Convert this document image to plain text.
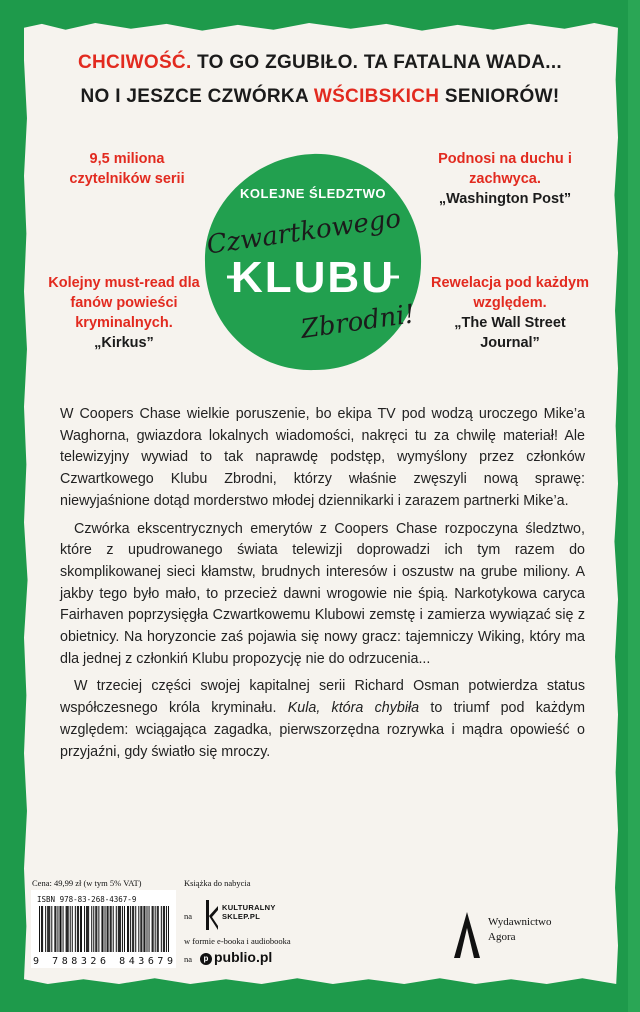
CHCIWOŚĆ. TO GO ZGUBIŁO. TA FATALNA WADA...
NO I JESZCE CZWÓRKA WŚCIBSKICH SENIORÓW!
9,5 miliona czytelników serii
Podnosi na duchu i zachwyca.
„Washington Post”
Kolejny must-read dla fanów powieści kryminalnych.
„Kirkus”
Rewelacja pod każdym względem.
„The Wall Street Journal”
KOLEJNE ŚLEDZTWO
Czwartkowego
KLUBU
Zbrodni!

W Coopers Chase wielkie poruszenie, bo ekipa TV pod wodzą uroczego Mike’a Waghorna, gwiazdora lokalnych wiadomości, nakręci tu za chwilę materiał! Ale telewizyjny wywiad to tak naprawdę podstęp, wymyślony przez członków Czwartkowego Klubu Zbrodni, którzy właśnie zwęszyli nową sprawę: niewyjaśnione dotąd morderstwo młodej dziennikarki i zarazem partnerki Mike’a.

Czwórka ekscentrycznych emerytów z Coopers Chase rozpoczyna śledztwo, które z upudrowanego świata telewizji doprowadzi ich tym razem do skomplikowanej sieci kłamstw, brudnych interesów i oszustw na grube miliony. A jakby tego było mało, to przecież dawni wrogowie nie śpią. Narkotykowa caryca Fairhaven poprzysięgła Czwartkowemu Klubowi zemstę i zamierza wywiązać się z obietnicy. Na horyzoncie zaś pojawia się nowy gracz: tajemniczy Wiking, który ma dla jednej z członkiń Klubu propozycję nie do odrzucenia...

W trzeciej części swojej kapitalnej serii Richard Osman potwierdza status współczesnego króla kryminału. Kula, która chybiła to triumf pod każdym względem: wciągająca zagadka, pierwszorzędna rozrywka i mądra opowieść o przyjaźni, gdy światło się mroczy.

Cena: 49,99 zł (w tym 5% VAT)
ISBN 978-83-268-4367-9
9 788326 843679
Książka do nabycia
na
KULTURALNY
SKLEP.PL
w formie e-booka i audiobooka
na	p publio.pl
Wydawnictwo
Agora
